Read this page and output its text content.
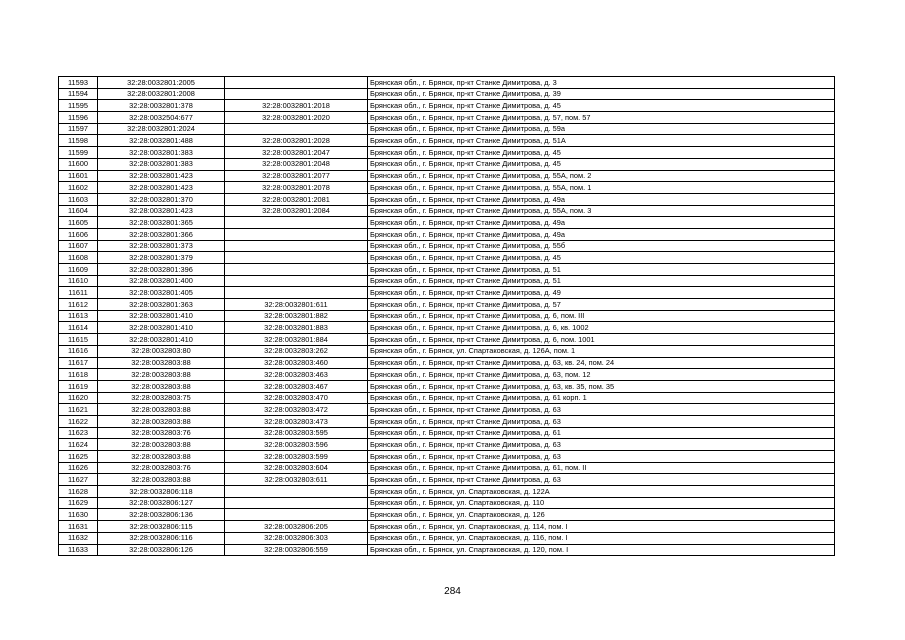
11593	32:28:0032801:2005		Брянская обл., г. Брянск, пр-кт Станке Димитрова, д. 3
11594	32:28:0032801:2008		Брянская обл., г. Брянск, пр-кт Станке Димитрова, д. 39
11595	32:28:0032801:378	32:28:0032801:2018	Брянская обл., г. Брянск, пр-кт Станке Димитрова, д. 45
11596	32:28:0032504:677	32:28:0032801:2020	Брянская обл., г. Брянск, пр-кт Станке Димитрова, д. 57, пом. 57
11597	32:28:0032801:2024		Брянская обл., г. Брянск, пр-кт Станке Димитрова, д. 59а
11598	32:28:0032801:488	32:28:0032801:2028	Брянская обл., г. Брянск, пр-кт Станке Димитрова, д. 51А
11599	32:28:0032801:383	32:28:0032801:2047	Брянская обл., г. Брянск, пр-кт Станке Димитрова, д. 45
11600	32:28:0032801:383	32:28:0032801:2048	Брянская обл., г. Брянск, пр-кт Станке Димитрова, д. 45
11601	32:28:0032801:423	32:28:0032801:2077	Брянская обл., г. Брянск, пр-кт Станке Димитрова, д. 55А, пом. 2
11602	32:28:0032801:423	32:28:0032801:2078	Брянская обл., г. Брянск, пр-кт Станке Димитрова, д. 55А, пом. 1
11603	32:28:0032801:370	32:28:0032801:2081	Брянская обл., г. Брянск, пр-кт Станке Димитрова, д. 49а
11604	32:28:0032801:423	32:28:0032801:2084	Брянская обл., г. Брянск, пр-кт Станке Димитрова, д. 55А, пом. 3
11605	32:28:0032801:365		Брянская обл., г. Брянск, пр-кт Станке Димитрова, д. 49а
11606	32:28:0032801:366		Брянская обл., г. Брянск, пр-кт Станке Димитрова, д. 49а
11607	32:28:0032801:373		Брянская обл., г. Брянск, пр-кт Станке Димитрова, д. 55б
11608	32:28:0032801:379		Брянская обл., г. Брянск, пр-кт Станке Димитрова, д. 45
11609	32:28:0032801:396		Брянская обл., г. Брянск, пр-кт Станке Димитрова, д. 51
11610	32:28:0032801:400		Брянская обл., г. Брянск, пр-кт Станке Димитрова, д. 51
11611	32:28:0032801:405		Брянская обл., г. Брянск, пр-кт Станке Димитрова, д. 49
11612	32:28:0032801:363	32:28:0032801:611	Брянская обл., г. Брянск, пр-кт Станке Димитрова, д. 57
11613	32:28:0032801:410	32:28:0032801:882	Брянская обл., г. Брянск, пр-кт Станке Димитрова, д. 6, пом. III
11614	32:28:0032801:410	32:28:0032801:883	Брянская обл., г. Брянск, пр-кт Станке Димитрова, д. 6, кв. 1002
11615	32:28:0032801:410	32:28:0032801:884	Брянская обл., г. Брянск, пр-кт Станке Димитрова, д. 6, пом. 1001
11616	32:28:0032803:80	32:28:0032803:262	Брянская обл., г. Брянск, ул. Спартаковская, д. 126А, пом. 1
11617	32:28:0032803:88	32:28:0032803:460	Брянская обл., г. Брянск, пр-кт Станке Димитрова, д. 63, кв. 24, пом. 24
11618	32:28:0032803:88	32:28:0032803:463	Брянская обл., г. Брянск, пр-кт Станке Димитрова, д. 63, пом. 12
11619	32:28:0032803:88	32:28:0032803:467	Брянская обл., г. Брянск, пр-кт Станке Димитрова, д. 63, кв. 35, пом. 35
11620	32:28:0032803:75	32:28:0032803:470	Брянская обл., г. Брянск, пр-кт Станке Димитрова, д. 61 корп. 1
11621	32:28:0032803:88	32:28:0032803:472	Брянская обл., г. Брянск, пр-кт Станке Димитрова, д. 63
11622	32:28:0032803:88	32:28:0032803:473	Брянская обл., г. Брянск, пр-кт Станке Димитрова, д. 63
11623	32:28:0032803:76	32:28:0032803:595	Брянская обл., г. Брянск, пр-кт Станке Димитрова, д. 61
11624	32:28:0032803:88	32:28:0032803:596	Брянская обл., г. Брянск, пр-кт Станке Димитрова, д. 63
11625	32:28:0032803:88	32:28:0032803:599	Брянская обл., г. Брянск, пр-кт Станке Димитрова, д. 63
11626	32:28:0032803:76	32:28:0032803:604	Брянская обл., г. Брянск, пр-кт Станке Димитрова, д. 61, пом. II
11627	32:28:0032803:88	32:28:0032803:611	Брянская обл., г. Брянск, пр-кт Станке Димитрова, д. 63
11628	32:28:0032806:118		Брянская обл., г. Брянск, ул. Спартаковская, д. 122А
11629	32:28:0032806:127		Брянская обл., г. Брянск, ул. Спартаковская, д. 110
11630	32:28:0032806:136		Брянская обл., г. Брянск, ул. Спартаковская, д. 126
11631	32:28:0032806:115	32:28:0032806:205	Брянская обл., г. Брянск, ул. Спартаковская, д. 114, пом. I
11632	32:28:0032806:116	32:28:0032806:303	Брянская обл., г. Брянск, ул. Спартаковская, д. 116, пом. I
11633	32:28:0032806:126	32:28:0032806:559	Брянская обл., г. Брянск, ул. Спартаковская, д. 120, пом. I
284
